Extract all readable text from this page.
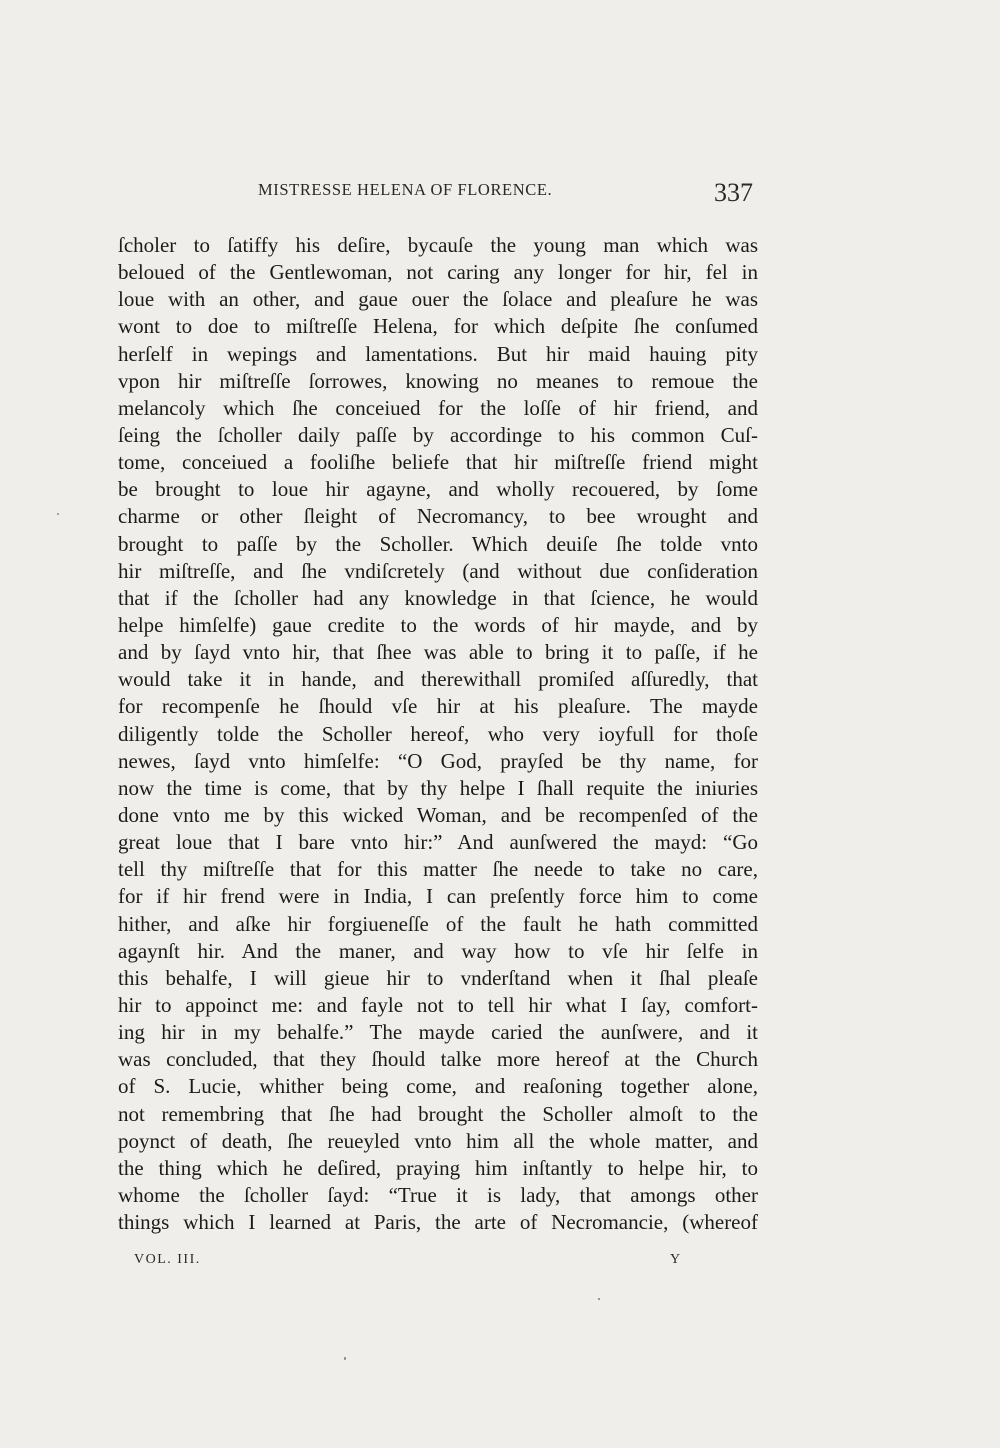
MISTRESSE HELENA OF FLORENCE.	337
ſcholer to ſatiffy his deſire, bycauſe the young man which was
beloued of the Gentlewoman, not caring any longer for hir, fel in
loue with an other, and gaue ouer the ſolace and pleaſure he was
wont to doe to miſtreſſe Helena, for which deſpite ſhe conſumed
herſelf in wepings and lamentations. But hir maid hauing pity
vpon hir miſtreſſe ſorrowes, knowing no meanes to remoue the
melancoly which ſhe conceiued for the loſſe of hir friend, and
ſeing the ſcholler daily paſſe by accordinge to his common Cuſ-
tome, conceiued a fooliſhe beliefe that hir miſtreſſe friend might
be brought to loue hir agayne, and wholly recouered, by ſome
charme or other ſleight of Necromancy, to bee wrought and
brought to paſſe by the Scholler. Which deuiſe ſhe tolde vnto
hir miſtreſſe, and ſhe vndiſcretely (and without due conſideration
that if the ſcholler had any knowledge in that ſcience, he would
helpe himſelfe) gaue credite to the words of hir mayde, and by
and by ſayd vnto hir, that ſhee was able to bring it to paſſe, if he
would take it in hande, and therewithall promiſed aſſuredly, that
for recompenſe he ſhould vſe hir at his pleaſure. The mayde
diligently tolde the Scholler hereof, who very ioyfull for thoſe
newes, ſayd vnto himſelfe: “O God, prayſed be thy name, for
now the time is come, that by thy helpe I ſhall requite the iniuries
done vnto me by this wicked Woman, and be recompenſed of the
great loue that I bare vnto hir:” And aunſwered the mayd: “Go
tell thy miſtreſſe that for this matter ſhe neede to take no care,
for if hir frend were in India, I can preſently force him to come
hither, and aſke hir forgiueneſſe of the fault he hath committed
agaynſt hir. And the maner, and way how to vſe hir ſelfe in
this behalfe, I will gieue hir to vnderſtand when it ſhal pleaſe
hir to appoinct me: and fayle not to tell hir what I ſay, comfort-
ing hir in my behalfe.” The mayde caried the aunſwere, and it
was concluded, that they ſhould talke more hereof at the Church
of S. Lucie, whither being come, and reaſoning together alone,
not remembring that ſhe had brought the Scholler almoſt to the
poynct of death, ſhe reueyled vnto him all the whole matter, and
the thing which he deſired, praying him inſtantly to helpe hir, to
whome the ſcholler ſayd: “True it is lady, that amongs other
things which I learned at Paris, the arte of Necromancie, (whereof
VOL. III.	Y
